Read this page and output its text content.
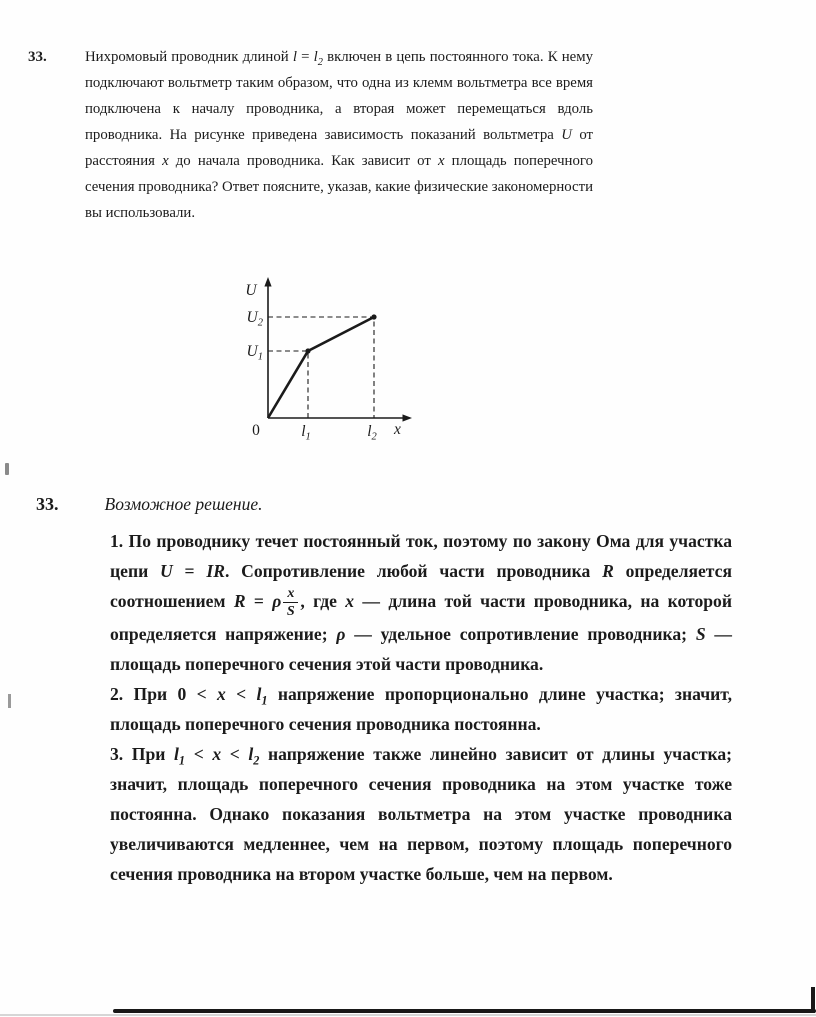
33.	Нихромовый проводник длиной $l = l_2$ включен в цепь постоянного тока. К нему подключают вольтметр таким образом, что одна из клемм вольтметра все время подключена к началу проводника, а вторая может перемещаться вдоль проводника. На рисунке приведена зависимость показаний вольтметра U от расстояния x до начала проводника. Как зависит от x площадь поперечного сечения проводника? Ответ поясните, указав, какие физические закономерности вы использовали.
U
$U_2$
$U_1$
0	$l_1$	$l_2$ x
33.	Возможное решение.

1. По проводнику течет постоянный ток, поэтому по закону Ома для участка цепи U = IR. Сопротивление любой части проводника R определяется соотношением R = ρ $\frac{x}{S}$ , где x — длина той части проводника, на которой определяется напряжение; ρ — удельное сопротивление проводника; S — площадь поперечного сечения этой части проводника.

2. При $0 < x < l_1$ напряжение пропорционально длине участка; значит, площадь поперечного сечения проводника постоянна.

3. При $l_1 < x < l_2$ напряжение также линейно зависит от длины участка; значит, площадь поперечного сечения проводника на этом участке тоже постоянна. Однако показания вольтметра на этом участке проводника увеличиваются медленнее, чем на первом, поэтому площадь поперечного сечения проводника на втором участке больше, чем на первом.
